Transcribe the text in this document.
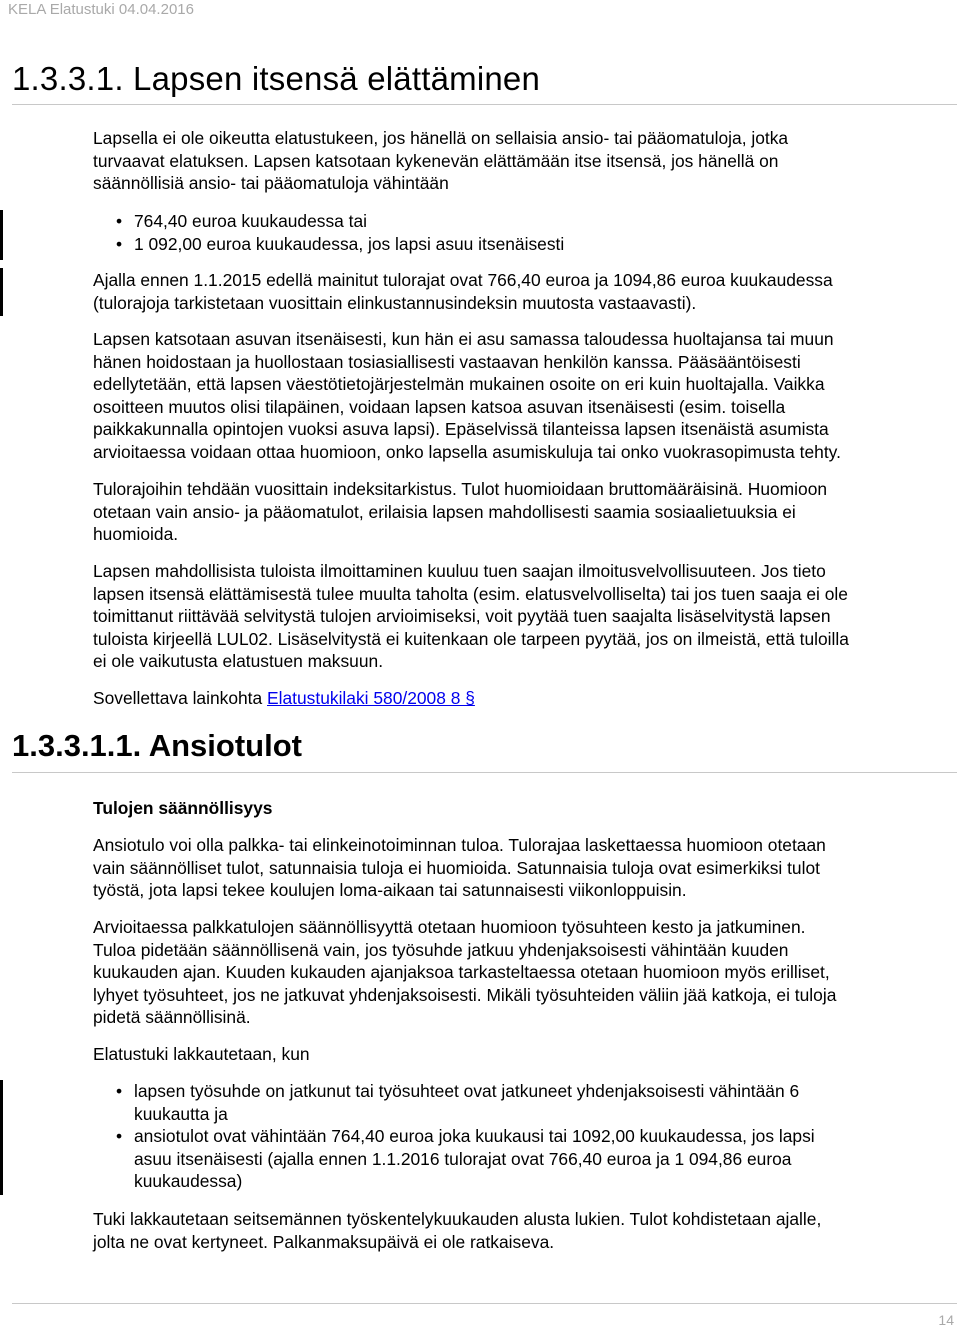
KELA Elatustuki 04.04.2016
1.3.3.1. Lapsen itsensä elättäminen
Lapsella ei ole oikeutta elatustukeen, jos hänellä on sellaisia ansio- tai pääomatuloja, jotka
turvaavat elatuksen. Lapsen katsotaan kykenevän elättämään itse itsensä, jos hänellä on
säännöllisiä ansio- tai pääomatuloja vähintään
• 764,40 euroa kuukaudessa tai
• 1 092,00 euroa kuukaudessa, jos lapsi asuu itsenäisesti
Ajalla ennen 1.1.2015 edellä mainitut tulorajat ovat 766,40 euroa ja 1094,86 euroa kuukaudessa
(tulorajoja tarkistetaan vuosittain elinkustannusindeksin muutosta vastaavasti).
Lapsen katsotaan asuvan itsenäisesti, kun hän ei asu samassa taloudessa huoltajansa tai muun
hänen hoidostaan ja huollostaan tosiasiallisesti vastaavan henkilön kanssa. Pääsääntöisesti
edellytetään, että lapsen väestötietojärjestelmän mukainen osoite on eri kuin huoltajalla. Vaikka
osoitteen muutos olisi tilapäinen, voidaan lapsen katsoa asuvan itsenäisesti (esim. toisella
paikkakunnalla opintojen vuoksi asuva lapsi). Epäselvissä tilanteissa lapsen itsenäistä asumista
arvioitaessa voidaan ottaa huomioon, onko lapsella asumiskuluja tai onko vuokrasopimusta tehty.
Tulorajoihin tehdään vuosittain indeksitarkistus. Tulot huomioidaan bruttomääräisinä. Huomioon
otetaan vain ansio- ja pääomatulot, erilaisia lapsen mahdollisesti saamia sosiaalietuuksia ei
huomioida.
Lapsen mahdollisista tuloista ilmoittaminen kuuluu tuen saajan ilmoitusvelvollisuuteen. Jos tieto
lapsen itsensä elättämisestä tulee muulta taholta (esim. elatusvelvolliselta) tai jos tuen saaja ei ole
toimittanut riittävää selvitystä tulojen arvioimiseksi, voit pyytää tuen saajalta lisäselvitystä lapsen
tuloista kirjeellä LUL02. Lisäselvitystä ei kuitenkaan ole tarpeen pyytää, jos on ilmeistä, että tuloilla
ei ole vaikutusta elatustuen maksuun.
Sovellettava lainkohta Elatustukilaki 580/2008 8 §
1.3.3.1.1. Ansiotulot
Tulojen säännöllisyys
Ansiotulo voi olla palkka- tai elinkeinotoiminnan tuloa. Tulorajaa laskettaessa huomioon otetaan
vain säännölliset tulot, satunnaisia tuloja ei huomioida. Satunnaisia tuloja ovat esimerkiksi tulot
työstä, jota lapsi tekee koulujen loma-aikaan tai satunnaisesti viikonloppuisin.
Arvioitaessa palkkatulojen säännöllisyyttä otetaan huomioon työsuhteen kesto ja jatkuminen.
Tuloa pidetään säännöllisenä vain, jos työsuhde jatkuu yhdenjaksoisesti vähintään kuuden
kuukauden ajan. Kuuden kukauden ajanjaksoa tarkasteltaessa otetaan huomioon myös erilliset,
lyhyet työsuhteet, jos ne jatkuvat yhdenjaksoisesti. Mikäli työsuhteiden väliin jää katkoja, ei tuloja
pidetä säännöllisinä.
Elatustuki lakkautetaan, kun
• lapsen työsuhde on jatkunut tai työsuhteet ovat jatkuneet yhdenjaksoisesti vähintään 6
kuukautta ja
• ansiotulot ovat vähintään 764,40 euroa joka kuukausi tai 1092,00 kuukaudessa, jos lapsi
asuu itsenäisesti (ajalla ennen 1.1.2016 tulorajat ovat 766,40 euroa ja 1 094,86 euroa
kuukaudessa)
Tuki lakkautetaan seitsemännen työskentelykuukauden alusta lukien. Tulot kohdistetaan ajalle,
jolta ne ovat kertyneet. Palkanmaksupäivä ei ole ratkaiseva.
14
